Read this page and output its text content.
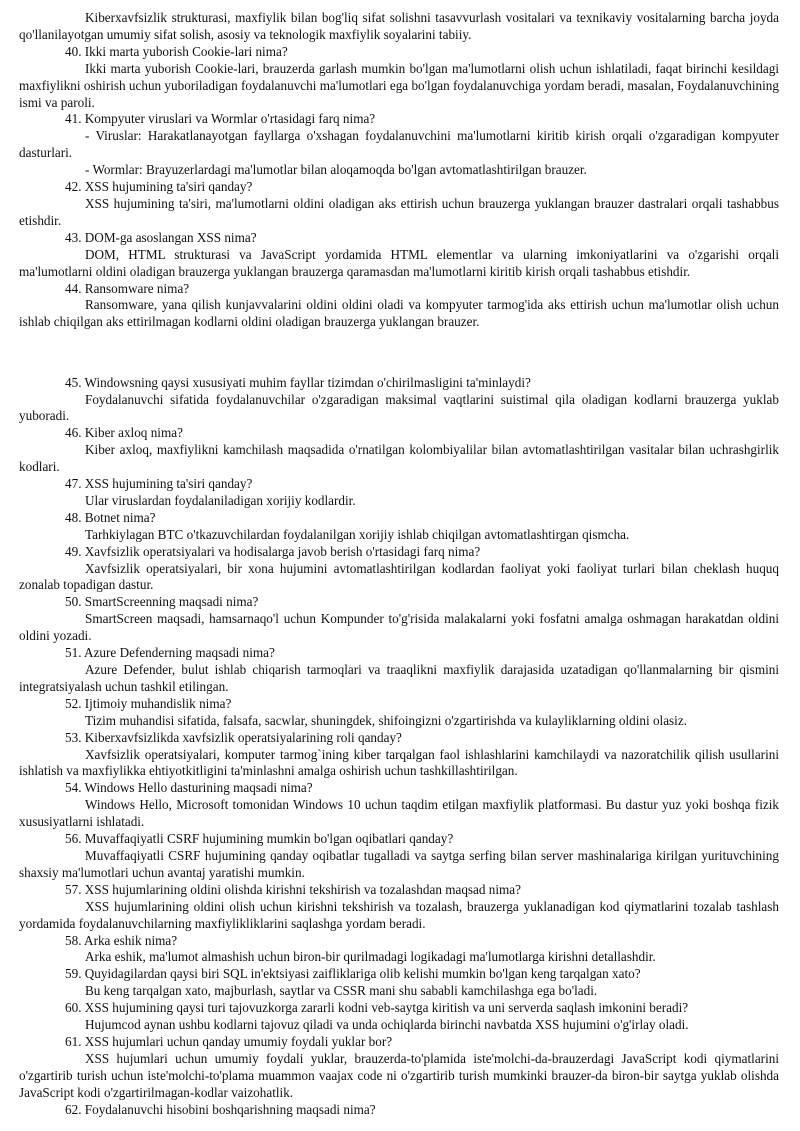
Kiberxavfsizlik strukturasi, maxfiylik bilan bog'liq sifat solishni tasavvurlash vositalari va texnikaviy vositalarning barcha joyda qo'llanilayotgan umumiy sifat solish, asosiy va teknologik maxfiylik soyalarini tabiiy.

40. Ikki marta yuborish Cookie-lari nima?

Ikki marta yuborish Cookie-lari, brauzerda garlash mumkin bo'lgan ma'lumotlarni olish uchun ishlatiladi, faqat birinchi kesildagi maxfiylikni oshirish uchun yuboriladigan foydalanuvchi ma'lumotlari ega bo'lgan foydalanuvchiga yordam beradi, masalan, Foydalanuvchining ismi va paroli.

41. Kompyuter viruslari va Wormlar o'rtasidagi farq nima?

- Viruslar: Harakatlanayotgan fayllarga o'xshagan foydalanuvchini ma'lumotlarni kiritib kirish orqali o'zgaradigan kompyuter dasturlari.

- Wormlar: Brayuzerlardagi ma'lumotlar bilan aloqamoqda bo'lgan avtomatlashtirilgan brauzer.

42. XSS hujumining ta'siri qanday?

XSS hujumining ta'siri, ma'lumotlarni oldini oladigan aks ettirish uchun brauzerga yuklangan brauzer dastralari orqali tashabbus etishdir.

43. DOM-ga asoslangan XSS nima?

DOM, HTML strukturasi va JavaScript yordamida HTML elementlar va ularning imkoniyatlarini va o'zgarishi orqali ma'lumotlarni oldini oladigan brauzerga yuklangan brauzerga qaramasdan ma'lumotlarni kiritib kirish orqali tashabbus etishdir.

44. Ransomware nima?

Ransomware, yana qilish kunjavvalarini oldini oldini oladi va kompyuter tarmog'ida aks ettirish uchun ma'lumotlar olish uchun ishlab chiqilgan aks ettirilmagan kodlarni oldini oladigan brauzerga yuklangan brauzer.

45. Windowsning qaysi xususiyati muhim fayllar tizimdan o'chirilmasligini ta'minlaydi?

Foydalanuvchi sifatida foydalanuvchilar o'zgaradigan maksimal vaqtlarini suistimal qila oladigan kodlarni brauzerga yuklab yuboradi.

46. Kiber axloq nima?

Kiber axloq, maxfiylikni kamchilash maqsadida o'rnatilgan kolombiyalilar bilan avtomatlashtirilgan vasitalar bilan uchrashgirlik kodlari.

47. XSS hujumining ta'siri qanday?

Ular viruslardan foydalaniladigan xorijiy kodlardir.

48. Botnet nima?

Tarhkiylagan BTC o'tkazuvchilardan foydalanilgan xorijiy ishlab chiqilgan avtomatlashtirgan qismcha.

49. Xavfsizlik operatsiyalari va hodisalarga javob berish o'rtasidagi farq nima?

Xavfsizlik operatsiyalari, bir xona hujumini avtomatlashtirilgan kodlardan faoliyat yoki faoliyat turlari bilan cheklash huquq zonalab topadigan dastur.

50. SmartScreenning maqsadi nima?

SmartScreen maqsadi, hamsarnaqo'l uchun Kompunder to'g'risida malakalarni yoki fosfatni amalga oshmagan harakatdan oldini oldini yozadi.

51. Azure Defenderning maqsadi nima?

Azure Defender, bulut ishlab chiqarish tarmoqlari va traaqlikni maxfiylik darajasida uzatadigan qo'llanmalarning bir qismini integratsiyalash uchun tashkil etilingan.

52. Ijtimoiy muhandislik nima?

Tizim muhandisi sifatida, falsafa, sacwlar, shuningdek, shifoingizni o'zgartirishda va kulayliklarning oldini olasiz.

53. Kiberxavfsizlikda xavfsizlik operatsiyalarining roli qanday?

Xavfsizlik operatsiyalari, komputer tarmog`ining kiber tarqalgan faol ishlashlarini kamchilaydi va nazoratchilik qilish usullarini ishlatish va maxfiylikka ehtiyotkitligini ta'minlashni amalga oshirish uchun tashkillashtirilgan.

54. Windows Hello dasturining maqsadi nima?

Windows Hello, Microsoft tomonidan Windows 10 uchun taqdim etilgan maxfiylik platformasi. Bu dastur yuz yoki boshqa fizik xususiyatlarni ishlatadi.

56. Muvaffaqiyatli CSRF hujumining mumkin bo'lgan oqibatlari qanday?

Muvaffaqiyatli CSRF hujumining qanday oqibatlar tugalladi va saytga serfing bilan server mashinalariga kirilgan yurituvchining shaxsiy ma'lumotlari uchun avantaj yaratishi mumkin.

57. XSS hujumlarining oldini olishda kirishni tekshirish va tozalashdan maqsad nima?

XSS hujumlarining oldini olish uchun kirishni tekshirish va tozalash, brauzerga yuklanadigan kod qiymatlarini tozalab tashlash yordamida foydalanuvchilarning maxfiylikliklarini saqlashga yordam beradi.

58. Arka eshik nima?

Arka eshik, ma'lumot almashish uchun biron-bir qurilmadagi logikadagi ma'lumotlarga kirishni detallashdir.

59. Quyidagilardan qaysi biri SQL in'ektsiyasi zaifliklariga olib kelishi mumkin bo'lgan keng tarqalgan xato?

Bu keng tarqalgan xato, majburlash, saytlar va CSSR mani shu sababli kamchilashga ega bo'ladi.

60. XSS hujumining qaysi turi tajovuzkorga zararli kodni veb-saytga kiritish va uni serverda saqlash imkonini beradi?

Hujumcod aynan ushbu kodlarni tajovuz qiladi va unda ochiqlarda birinchi navbatda XSS hujumini o'g'irlay oladi.

61. XSS hujumlari uchun qanday umumiy foydali yuklar bor?

XSS hujumlari uchun umumiy foydali yuklar, brauzerda-to'plamida iste'molchi-da-brauzerdagi JavaScript kodi qiymatlarini o'zgartirib turish uchun iste'molchi-to'plama muammon vaajax code ni o'zgartirib turish mumkinki brauzer-da biron-bir saytga yuklab olishda JavaScript kodi o'zgartirilmagan-kodlar vaizohatlik.

62. Foydalanuvchi hisobini boshqarishning maqsadi nima?
